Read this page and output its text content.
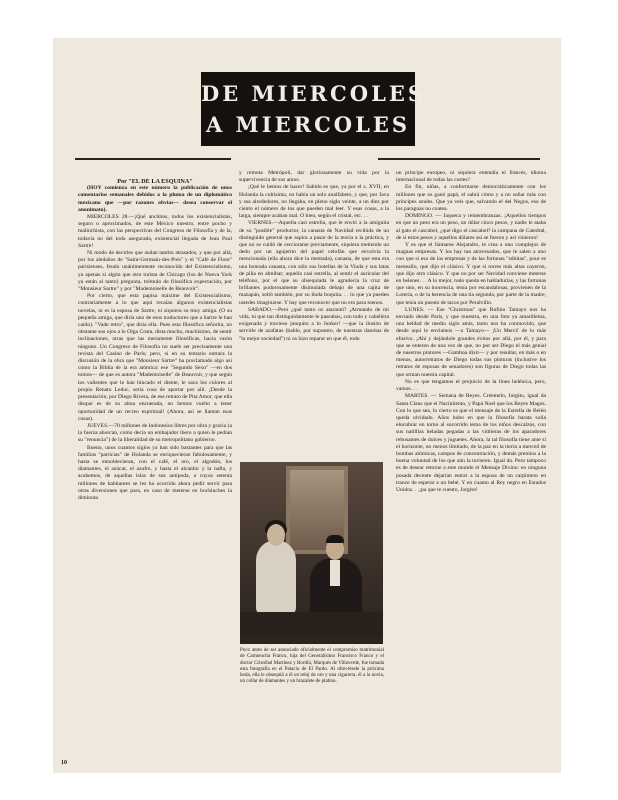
DE MIERCOLES
A MIERCOLES

Por "EL DE LA ESQUINA"

(HOY comienza en este número la publicación de unos comentarios semanales debidos a la pluma de un diplomático mexicano que —por razones obvias— desea conservar el anonimato).

MIERCOLES 28.—¡Qué anchitos, todos los existencialistas, seguro o aproximados, de este México nuestro, entre pocho y malinchista, con las perspectivas del Congreso de Filosofía y de la, todavía no del todo asegurada, existencial llegada de Jean Paul Sartre!

Ni modo de decirles que andan tantito atrasados, y que por allá, por los aledaños de "Saint-Germain-des-Prés" y el "Café de Flore" parisienses, feudo unánimemente reconocido del Existencialismo, ya apenas si algún que otro turista de Chicago (los de Nueva York ya están al tanto) pregunta, trémulo de filosófica expectación, por "Monsieur Sartre" y por "Mademoiselle de Beauvoir".

Por cierto, que esta papisa máxime del Existencialismo, contrariamente a lo que aquí recaían algunos existencialistas novelas, ni es la esposa de Sartre, ni siquiera su muy amiga. (O su pequeña amiga, que diría uno de esos traductores que a Sartre le han caído). "Vade retro", que diría ella. Pues esta filosófica señorita, no obstante sus ojos a lo Olga Costa, dista mucho, muchísimo, de sentir inclinaciones, otras que las meramente filosóficas, hacia varón ninguno. Un Congreso de Filosofía no suele ser precisamente una revista del Casino de París; pero, si en su temario entrara la discusión de la obra que "Monsieur Sartre" ha proclamado algo así como la Biblia de la era atómica: ese "Segundo Sexo" —en dos tomos— de que es autora "Mademoiselle" de Beauvoir, y que según los valientes que le han hincado el diente, le saca los colores al propio Renato Leduc, sería cosa de aportar por allí. ¡Desde la presentación, por Diego Rivera, de ese retrato de Pita Amor, que ella disque es de su alma encuerada, no hemos vuelto a tener oportunidad de un recreo espiritual! (Ahora, así se llaman esas cosas).

JUEVES.—70 millones de Indonesios libres por obra y gracia (a la fuerza ahorcan, como decía un embajador ibero a quien le pedían su "renuncia") de la liberalidad de su metropolitano gobierno.

Bueno, unos cuantos siglos ya han sido bastantes para que las familias "patricias" de Holanda se enriquecieran fabulosamente, y hasta se ennoblecieran, con el café, el oro, el algodón, los diamantes, el azúcar, el azufre, y hasta el alcanfor y la nafta, y acabemos, de aquellas islas de sus antípoda, a cuyos setenta millones de habitantes se les ha ocurrido ahora pedir servir para otras diversiones que para, en caso de meterse en bochinches la diminuta

y remota Metrópoli, dar gloriosamente su vida por la supervivencia de sus amos.

¡Qué le hemos de hacer! Sabido es que, ya por el s. XVII, en Holanda la cultísima, no había un solo analfabeto, y que, por Java y sus alrededores, no llegaba, en pleno siglo veinte, a un diez por ciento el número de los que pueden mal leer. Y esas cosas, a la larga, siempre acaban mal. O bien, según el cristal, etc. . .

VIERNES.—Aquella casi estrella, que le envió a la amiguita de su "posible" productor, la canasta de Navidad recibida de un distinguido general que aspira a pasar de la teoría a la práctica, y que no se cuidó de cerciorarse previamente, siquiera metiendo un dedo por un agujerito del papel celofán que envolvía la mencionada (ella ahora dice la mentada), canasta, de que esta era una honrada canasta, con sólo sus botellas de la Viuda y sus latas de piña en almíbar; aquella casi estrella, al sentir el auricular del teléfono, por el que su obsequiada le agradecía la cruz de brillantes pudorosamente disimulada debajo de una cajita de mazapán, soltó también, por su linda boquita. . . lo que ya pueden ustedes imaginarse. Y hay que reconocer que no era para menos.

SABADO.—Pero ¿qué tanto os atarantó? ¡Armando de mi vida, tú que tan distinguidamente le paseabas, con todo y cabellera exigenada y travieso junquito a lo Junker! —que la ilusión de servirle de azafatas (hablo, por supuesto, de nuestras damitas de "la mejor sociedad") ni os hizo reparar en que él, todo

Poco antes de ser anunciado oficialmente el compromiso matrimonial de Carmencita Franco, hija del Generalísimo Francisco Franco y el doctor Cristóbal Martínez y Bordiú, Marqués de Villaverde, fue tomada esta fotografía en el Palacio de El Pardo. Al ofrecérsele la próxima boda, ella le obsequió a él un reloj de oro y una cigarrera, él a la novia, un collar de diamantes y un brazalete de platino.

un príncipe europeo, ni siquiera entendía el francés, idioma internacional de todas las cortes?

En fin, niñas, a conformarse democráticamente con los millones que os ganó papá, el sabrá cómo y a no soñar más con príncipes azules. Que ya veis que, salvando el del Negus, eso de los paraguas no coatea.

DOMINGO. — Jaqueca y remembranzas. ¡Aquellos tiempos en que un peso era un peso, un dólar cinco pesos, y nadie le ataba al gato el cascabel, ¿qué digo el cascabel? la campana de Catedral, de si estos pesos y aquellos dólares así se fueron y así vinieron!

Y es que el llamarse Alejandro, le crea a uno complejos de magnas empresas. Y los hay tan atravesados, que le salen a uno con que si eso de las empresas y de las fortunas "súbitas", pour es meneallo, que dijo el clásico. Y que si torres más altas cayeron, que dijo otro clásico. Y que no por ser Navidad conviene meterse en belenes. . . A lo mejor, todo queda en habladurías, y las fortunas que uno, en su inocencia, tenía por escandalosas, provienen de la Lotería, o de la herencia de una tía segunda, por parte de la madre, que tenía un puesto de tacos por Peralvillo.

LUNES. — Ese "Christmas" que Rufino Tamayo nos ha enviado desde París, y que muestra, en una foto ya amarillenta, una beldad de medio siglo atrás, tanto nos ha conmovido, que desde aquí le enviamos —a Tamayo— ¡Un Merci! de lo más efusivo. ¡Ahí y dejándole grandes éxitos por allá, por él, y para que se enteren de una vez de que, no por ser Diego el más genial de nuestros pintores —Gamboa dixit— y por resultar, en más o en menos, autorretratos de Diego todas sus pinturas (inclusive los retratos de esposas de senadores) son figuras de Diego todas las que orman nuestra capital.

No es que tengamos el prejuicio de la línea helénica, pero, vamos. . .

MARTES. — Semana de Reyes. Créemelo, Jorgito, igual da Santa Claus que el Nacimiento, y Papá Noel que los Reyes Magos. Con lo que sea, lo cierto es que el mensaje de la Estrella de Belén queda olvidado. Años hubo en que la filosofía barata solía elucubrar en torno al socorrido tema de los niños descalzos, con sus natilllas heladas pegadas a las vidrieras de los aparadores rebosantes de dulces y juguetes. Ahora, la tal filosofía tiene ante sí el horizonte, no menos limitado, de la paz en la tierra a merced de bombas atómicas, campos de concentración, y demás premios a la buena voluntad de los que aún la tuvieren. Igual da. Pero tampoco es de desear retorne a este mundo el Mensaje Divino: en ninguna posada decente dejarían entrar a la esposa de un carpintero en trance de esperar a un bebé. Y en cuanto al Rey negro en Estados Unidos. . .¡pa que te cuento, Jorgito!

10
